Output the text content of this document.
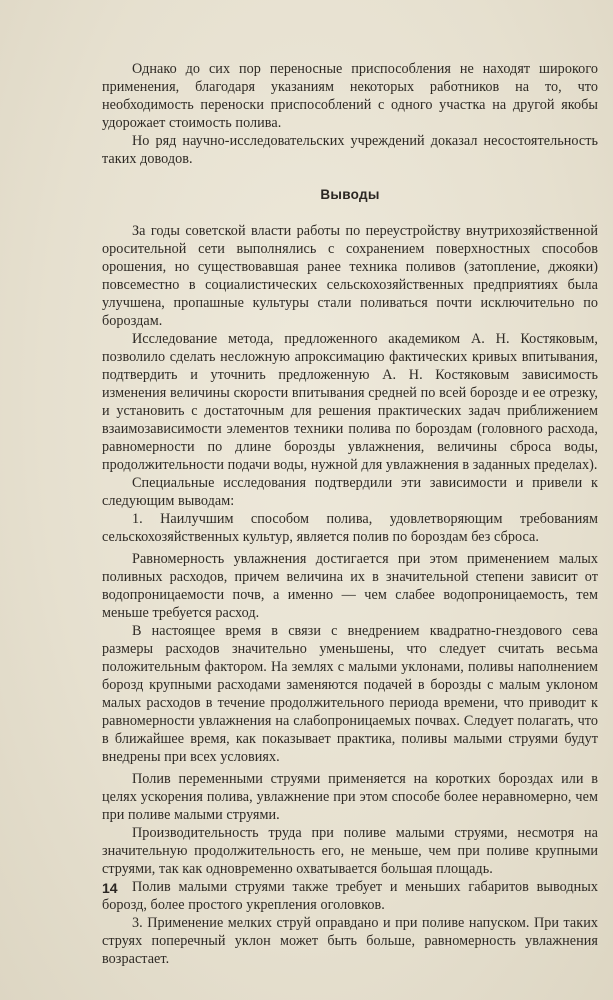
Однако до сих пор переносные приспособления не находят широкого применения, благодаря указаниям некоторых работников на то, что необходимость переноски приспособлений с одного участка на другой якобы удорожает стоимость полива.

Но ряд научно-исследовательских учреждений доказал несостоятельность таких доводов.

Выводы

За годы советской власти работы по переустройству внутрихозяйственной оросительной сети выполнялись с сохранением поверхностных способов орошения, но существовавшая ранее техника поливов (затопление, джояки) повсеместно в социалистических сельскохозяйственных предприятиях была улучшена, пропашные культуры стали поливаться почти исключительно по бороздам.

Исследование метода, предложенного академиком А. Н. Костяковым, позволило сделать несложную апроксимацию фактических кривых впитывания, подтвердить и уточнить предложенную А. Н. Костяковым зависимость изменения величины скорости впитывания средней по всей борозде и ее отрезку, и установить с достаточным для решения практических задач приближением взаимозависимости элементов техники полива по бороздам (головного расхода, равномерности по длине борозды увлажнения, величины сброса воды, продолжительности подачи воды, нужной для увлажнения в заданных пределах).

Специальные исследования подтвердили эти зависимости и привели к следующим выводам:

1. Наилучшим способом полива, удовлетворяющим требованиям сельскохозяйственных культур, является полив по бороздам без сброса.

Равномерность увлажнения достигается при этом применением малых поливных расходов, причем величина их в значительной степени зависит от водопроницаемости почв, а именно — чем слабее водопроницаемость, тем меньше требуется расход.

В настоящее время в связи с внедрением квадратно-гнездового сева размеры расходов значительно уменьшены, что следует считать весьма положительным фактором. На землях с малыми уклонами, поливы наполнением борозд крупными расходами заменяются подачей в борозды с малым уклоном малых расходов в течение продолжительного периода времени, что приводит к равномерности увлажнения на слабопроницаемых почвах. Следует полагать, что в ближайшее время, как показывает практика, поливы малыми струями будут внедрены при всех условиях.

Полив переменными струями применяется на коротких бороздах или в целях ускорения полива, увлажнение при этом способе более неравномерно, чем при поливе малыми струями.

Производительность труда при поливе малыми струями, несмотря на значительную продолжительность его, не меньше, чем при поливе крупными струями, так как одновременно охватывается большая площадь.

Полив малыми струями также требует и меньших габаритов выводных борозд, более простого укрепления оголовков.

3. Применение мелких струй оправдано и при поливе напуском. При таких струях поперечный уклон может быть больше, равномерность увлажнения возрастает.

14
